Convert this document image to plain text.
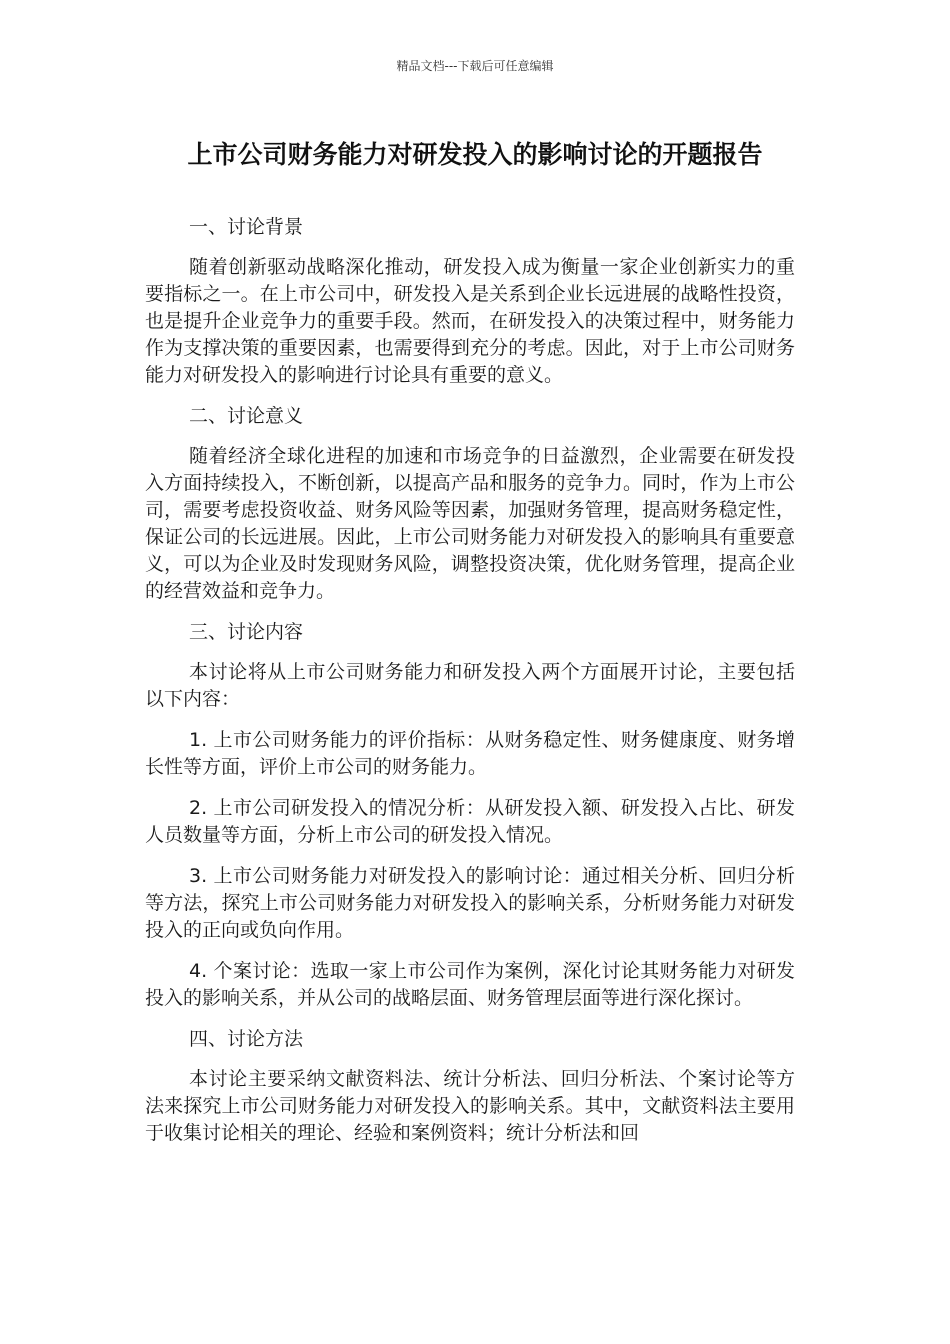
精品文档---下载后可任意编辑
上市公司财务能力对研发投入的影响讨论的开题报告
一、讨论背景
随着创新驱动战略深化推动，研发投入成为衡量一家企业创新实力的重要指标之一。在上市公司中，研发投入是关系到企业长远进展的战略性投资，也是提升企业竞争力的重要手段。然而，在研发投入的决策过程中，财务能力作为支撑决策的重要因素，也需要得到充分的考虑。因此，对于上市公司财务能力对研发投入的影响进行讨论具有重要的意义。
二、讨论意义
随着经济全球化进程的加速和市场竞争的日益激烈，企业需要在研发投入方面持续投入，不断创新，以提高产品和服务的竞争力。同时，作为上市公司，需要考虑投资收益、财务风险等因素，加强财务管理，提高财务稳定性，保证公司的长远进展。因此，上市公司财务能力对研发投入的影响具有重要意义，可以为企业及时发现财务风险，调整投资决策，优化财务管理，提高企业的经营效益和竞争力。
三、讨论内容
本讨论将从上市公司财务能力和研发投入两个方面展开讨论，主要包括以下内容：
1. 上市公司财务能力的评价指标：从财务稳定性、财务健康度、财务增长性等方面，评价上市公司的财务能力。
2. 上市公司研发投入的情况分析：从研发投入额、研发投入占比、研发人员数量等方面，分析上市公司的研发投入情况。
3. 上市公司财务能力对研发投入的影响讨论：通过相关分析、回归分析等方法，探究上市公司财务能力对研发投入的影响关系，分析财务能力对研发投入的正向或负向作用。
4. 个案讨论：选取一家上市公司作为案例，深化讨论其财务能力对研发投入的影响关系，并从公司的战略层面、财务管理层面等进行深化探讨。
四、讨论方法
本讨论主要采纳文献资料法、统计分析法、回归分析法、个案讨论等方法来探究上市公司财务能力对研发投入的影响关系。其中，文献资料法主要用于收集讨论相关的理论、经验和案例资料；统计分析法和回
